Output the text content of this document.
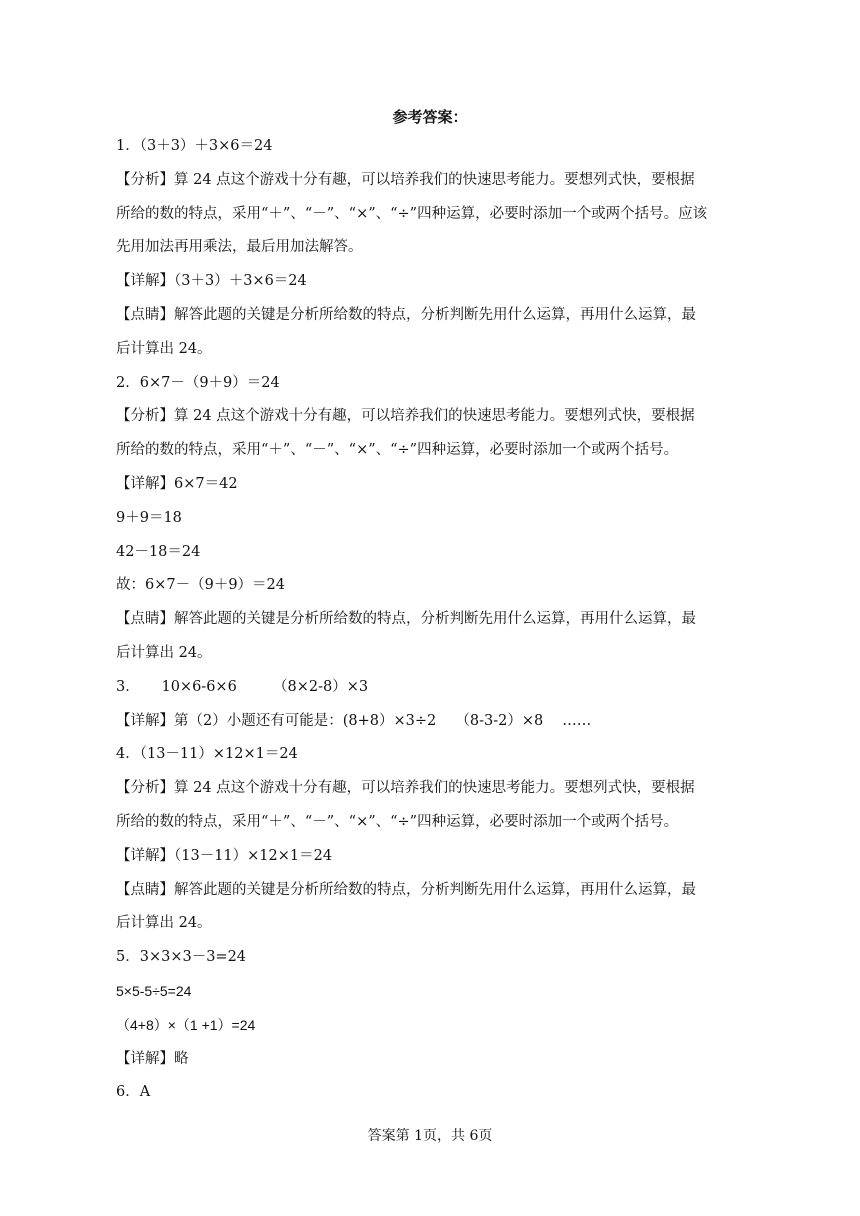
参考答案：
1．（3＋3）＋3×6＝24
【分析】算 24 点这个游戏十分有趣，可以培养我们的快速思考能力。要想列式快，要根据
所给的数的特点，采用“＋”、“－”、“×”、“÷”四种运算，必要时添加一个或两个括号。应该
先用加法再用乘法，最后用加法解答。
【详解】（3＋3）＋3×6＝24
【点睛】解答此题的关键是分析所给数的特点，分析判断先用什么运算，再用什么运算，最
后计算出 24。
2．6×7－（9＋9）＝24
【分析】算 24 点这个游戏十分有趣，可以培养我们的快速思考能力。要想列式快，要根据
所给的数的特点，采用“＋”、“－”、“×”、“÷”四种运算，必要时添加一个或两个括号。
【详解】6×7＝42
9＋9＝18
42－18＝24
故：6×7－（9＋9）＝24
【点睛】解答此题的关键是分析所给数的特点，分析判断先用什么运算，再用什么运算，最
后计算出 24。
3．　　10×6-6×6　　　（8×2-8）×3
【详解】第（2）小题还有可能是：(8+8）×3÷2　 （8-3-2）×8　 ……
4．（13－11）×12×1＝24
【分析】算 24 点这个游戏十分有趣，可以培养我们的快速思考能力。要想列式快，要根据
所给的数的特点，采用“＋”、“－”、“×”、“÷”四种运算，必要时添加一个或两个括号。
【详解】（13－11）×12×1＝24
【点睛】解答此题的关键是分析所给数的特点，分析判断先用什么运算，再用什么运算，最
后计算出 24。
5．3×3×3－3=24
5×5-5÷5=24
（4+8）×（1 +1）=24
【详解】略
6．A
答案第 1页，共 6页
